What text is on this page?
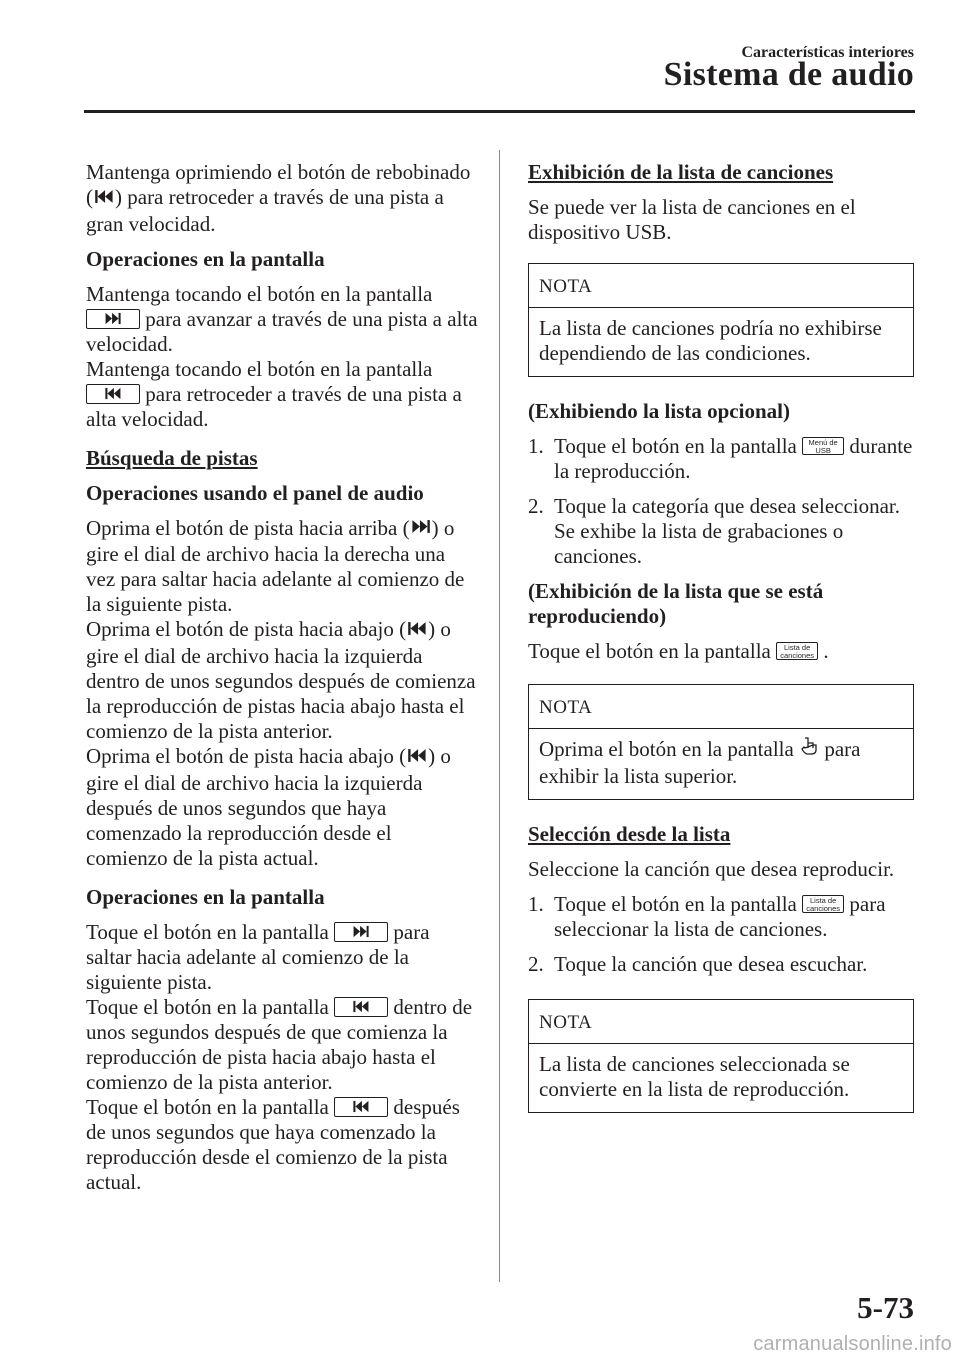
Características interiores
Sistema de audio

Mantenga oprimiendo el botón de rebobinado ( ) para retroceder a través de una pista a gran velocidad.

Operaciones en la pantalla

Mantenga tocando el botón en la pantalla

para avanzar a través de una pista a alta velocidad.

Mantenga tocando el botón en la pantalla

para retroceder a través de una pista a alta velocidad.

Búsqueda de pistas

Operaciones usando el panel de audio

Oprima el botón de pista hacia arriba ( ) o gire el dial de archivo hacia la derecha una vez para saltar hacia adelante al comienzo de la siguiente pista.

Oprima el botón de pista hacia abajo ( ) o gire el dial de archivo hacia la izquierda dentro de unos segundos después de comienza la reproducción de pistas hacia abajo hasta el comienzo de la pista anterior.

Oprima el botón de pista hacia abajo ( ) o gire el dial de archivo hacia la izquierda después de unos segundos que haya comenzado la reproducción desde el comienzo de la pista actual.

Operaciones en la pantalla

Toque el botón en la pantalla	para saltar hacia adelante al comienzo de la siguiente pista.

Toque el botón en la pantalla	dentro de unos segundos después de que comienza la reproducción de pista hacia abajo hasta el comienzo de la pista anterior.

Toque el botón en la pantalla	después de unos segundos que haya comenzado la reproducción desde el comienzo de la pista actual.

Exhibición de la lista de canciones

Se puede ver la lista de canciones en el dispositivo USB.

NOTA
La lista de canciones podría no exhibirse dependiendo de las condiciones.

(Exhibiendo la lista opcional)

1. Toque el botón en la pantalla Menú de
USB durante la reproducción.
2. Toque la categoría que desea seleccionar. Se exhibe la lista de grabaciones o canciones.

(Exhibición de la lista que se está reproduciendo)

Toque el botón en la pantalla Lista de
canciones .

NOTA
Oprima el botón en la pantalla  para exhibir la lista superior.

Selección desde la lista

Seleccione la canción que desea reproducir.

1. Toque el botón en la pantalla Lista de
canciones para seleccionar la lista de canciones.
2. Toque la canción que desea escuchar.
NOTA
La lista de canciones seleccionada se convierte en la lista de reproducción.
5-73
carmanualsonline.info
